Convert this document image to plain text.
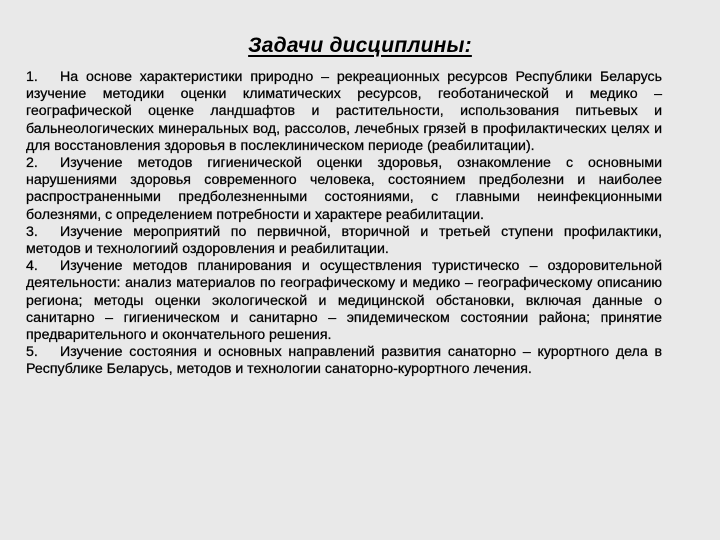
Задачи дисциплины:

1. На основе характеристики природно – рекреационных ресурсов Республики Беларусь изучение методики оценки климатических ресурсов, геоботанической и медико – географической оценке ландшафтов и растительности, использования питьевых и бальнеологических минеральных вод, рассолов, лечебных грязей в профилактических целях и для восстановления здоровья в послеклиническом периоде (реабилитации).

2. Изучение методов гигиенической оценки здоровья, ознакомление с основными нарушениями здоровья современного человека, состоянием предболезни и наиболее распространенными предболезненными состояниями, с главными неинфекционными болезнями, с определением потребности и характере реабилитации.

3. Изучение мероприятий по первичной, вторичной и третьей ступени профилактики, методов и технологиий оздоровления и реабилитации.

4. Изучение методов планирования и осуществления туристическо – оздоровительной деятельности: анализ материалов по географическому и медико – географическому описанию региона; методы оценки экологической и медицинской обстановки, включая данные о санитарно – гигиеническом и санитарно – эпидемическом состоянии района; принятие предварительного и окончательного решения.

5. Изучение состояния и основных направлений развития санаторно – курортного дела в Республике Беларусь, методов и технологии санаторно-курортного лечения.
